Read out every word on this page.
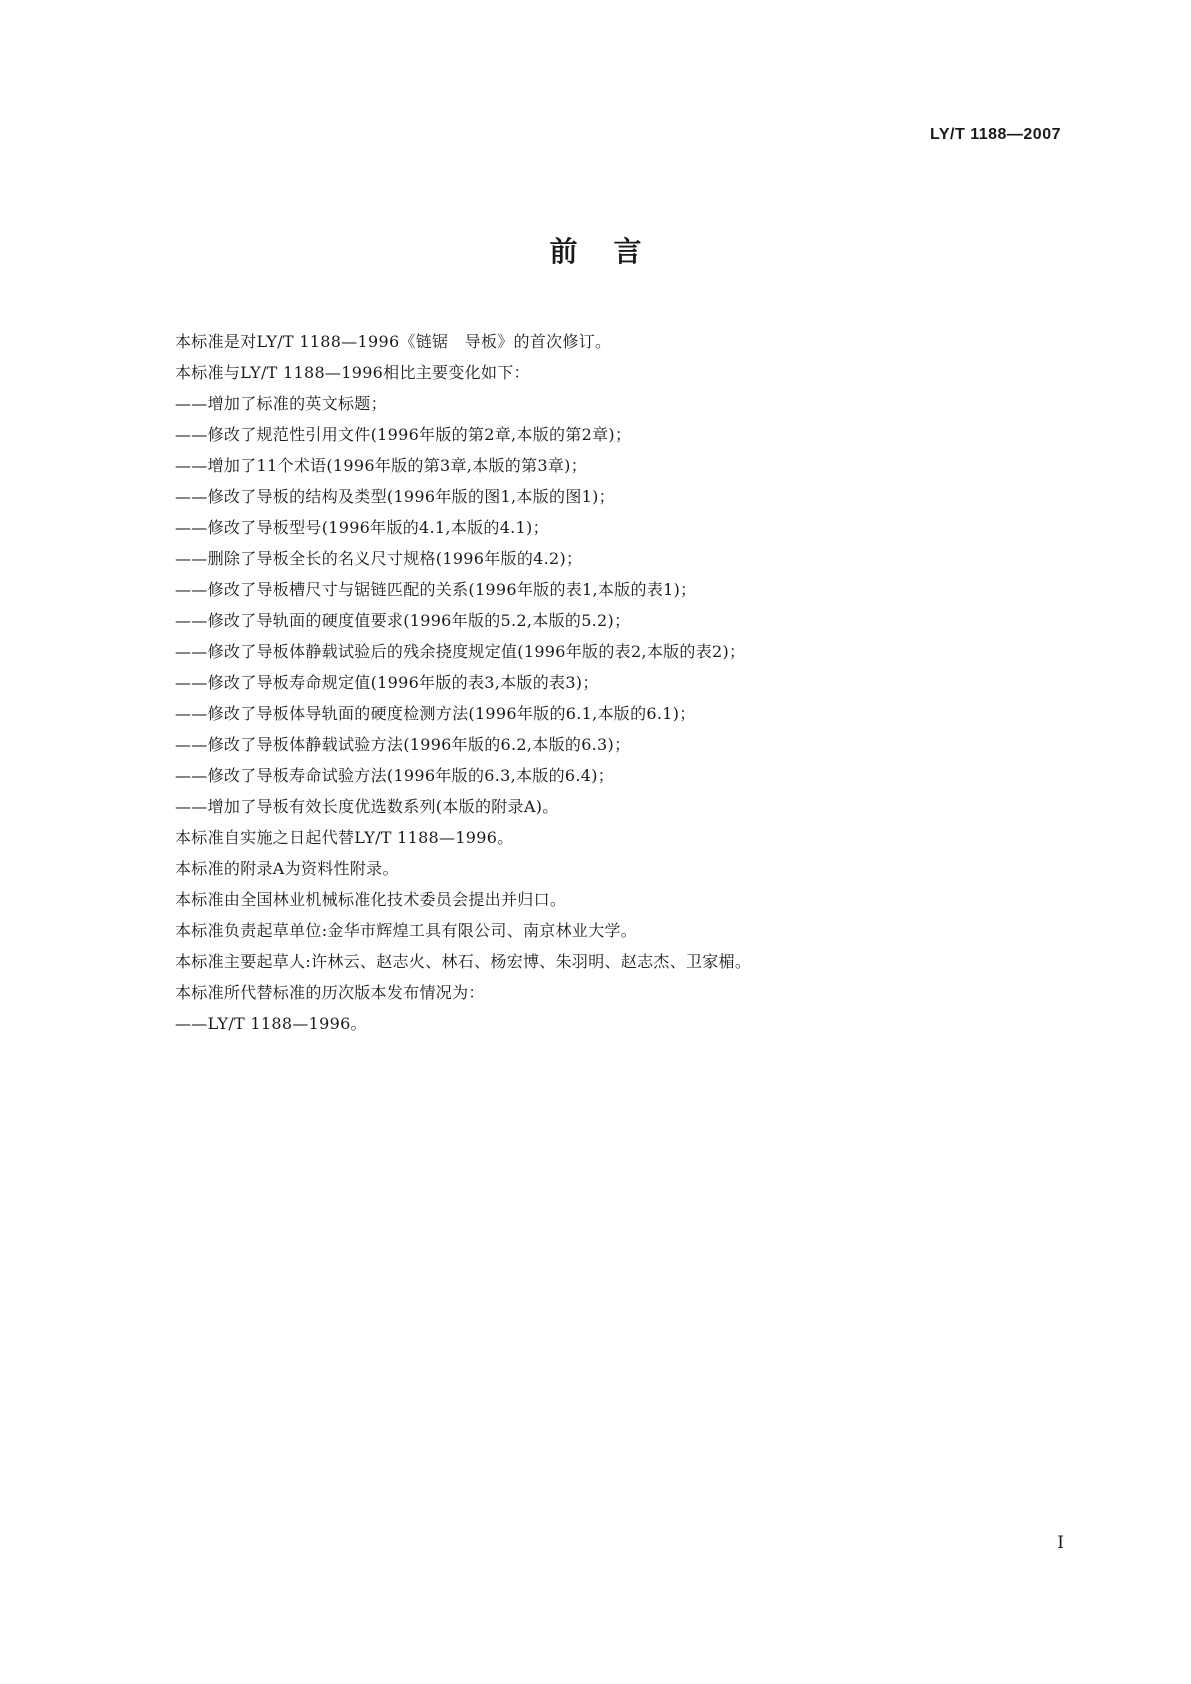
LY/T 1188—2007
前言
本标准是对LY/T 1188—1996《链锯　导板》的首次修订。
本标准与LY/T 1188—1996相比主要变化如下：
——增加了标准的英文标题；
——修改了规范性引用文件(1996年版的第2章,本版的第2章)；
——增加了11个术语(1996年版的第3章,本版的第3章)；
——修改了导板的结构及类型(1996年版的图1,本版的图1)；
——修改了导板型号(1996年版的4.1,本版的4.1)；
——删除了导板全长的名义尺寸规格(1996年版的4.2)；
——修改了导板槽尺寸与锯链匹配的关系(1996年版的表1,本版的表1)；
——修改了导轨面的硬度值要求(1996年版的5.2,本版的5.2)；
——修改了导板体静载试验后的残余挠度规定值(1996年版的表2,本版的表2)；
——修改了导板寿命规定值(1996年版的表3,本版的表3)；
——修改了导板体导轨面的硬度检测方法(1996年版的6.1,本版的6.1)；
——修改了导板体静载试验方法(1996年版的6.2,本版的6.3)；
——修改了导板寿命试验方法(1996年版的6.3,本版的6.4)；
——增加了导板有效长度优选数系列(本版的附录A)。
本标准自实施之日起代替LY/T 1188—1996。
本标准的附录A为资料性附录。
本标准由全国林业机械标准化技术委员会提出并归口。
本标准负责起草单位:金华市辉煌工具有限公司、南京林业大学。
本标准主要起草人:许林云、赵志火、林石、杨宏博、朱羽明、赵志杰、卫家楣。
本标准所代替标准的历次版本发布情况为：
——LY/T 1188—1996。
I
